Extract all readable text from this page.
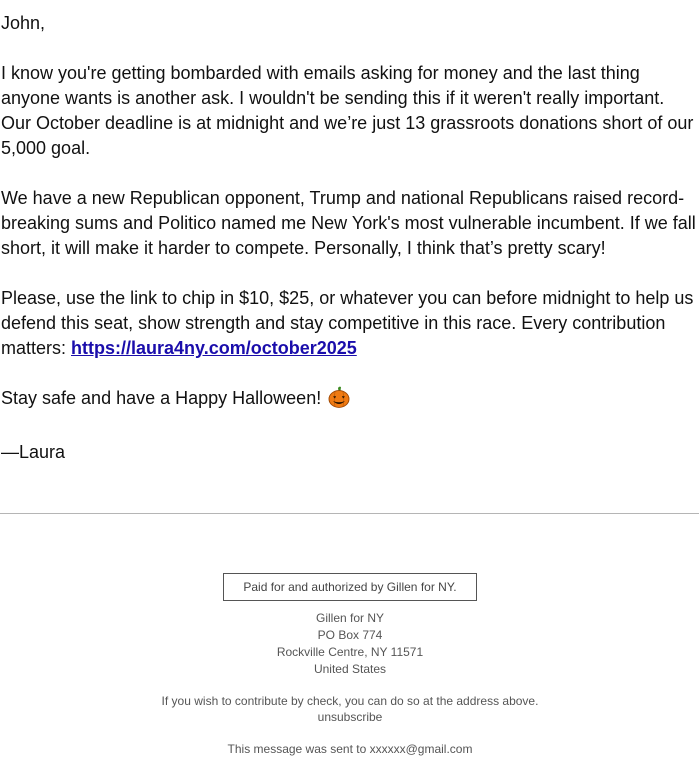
John,

I know you're getting bombarded with emails asking for money and the last thing anyone wants is another ask. I wouldn't be sending this if it weren't really important. Our October deadline is at midnight and we’re just 13 grassroots donations short of our 5,000 goal.

We have a new Republican opponent, Trump and national Republicans raised record-breaking sums and Politico named me New York's most vulnerable incumbent. If we fall short, it will make it harder to compete. Personally, I think that’s pretty scary!

Please, use the link to chip in $10, $25, or whatever you can before midnight to help us defend this seat, show strength and stay competitive in this race. Every contribution matters: https://laura4ny.com/october2025

Stay safe and have a Happy Halloween!

—Laura

Paid for and authorized by Gillen for NY.
Gillen for NY
PO Box 774
Rockville Centre, NY 11571
United States
If you wish to contribute by check, you can do so at the address above.
unsubscribe
This message was sent to xxxxxx@gmail.com
